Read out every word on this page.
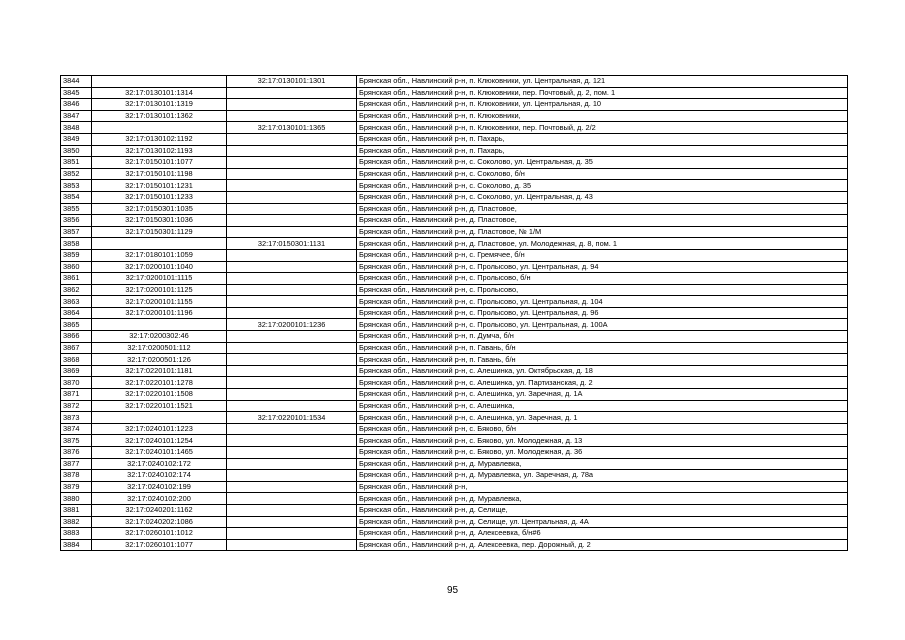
3844		32:17:0130101:1301	Брянская обл., Навлинский р-н, п. Клюковники, ул. Центральная, д. 121
3845	32:17:0130101:1314		Брянская обл., Навлинский р-н, п. Клюковники, пер. Почтовый, д. 2, пом. 1
3846	32:17:0130101:1319		Брянская обл., Навлинский р-н, п. Клюковники, ул. Центральная, д. 10
3847	32:17:0130101:1362		Брянская обл., Навлинский р-н, п. Клюковники,
3848		32:17:0130101:1365	Брянская обл., Навлинский р-н, п. Клюковники, пер. Почтовый, д. 2/2
3849	32:17:0130102:1192		Брянская обл., Навлинский р-н, п. Пахарь,
3850	32:17:0130102:1193		Брянская обл., Навлинский р-н, п. Пахарь,
3851	32:17:0150101:1077		Брянская обл., Навлинский р-н, с. Соколово, ул. Центральная, д. 35
3852	32:17:0150101:1198		Брянская обл., Навлинский р-н, с. Соколово, б/н
3853	32:17:0150101:1231		Брянская обл., Навлинский р-н, с. Соколово, д. 35
3854	32:17:0150101:1233		Брянская обл., Навлинский р-н, с. Соколово, ул. Центральная, д. 43
3855	32:17:0150301:1035		Брянская обл., Навлинский р-н, д. Пластовое,
3856	32:17:0150301:1036		Брянская обл., Навлинский р-н, д. Пластовое,
3857	32:17:0150301:1129		Брянская обл., Навлинский р-н, д. Пластовое, № 1/М
3858		32:17:0150301:1131	Брянская обл., Навлинский р-н, д. Пластовое, ул. Молодежная, д. 8, пом. 1
3859	32:17:0180101:1059		Брянская обл., Навлинский р-н, с. Гремячее, б/н
3860	32:17:0200101:1040		Брянская обл., Навлинский р-н, с. Пролысово, ул. Центральная, д. 94
3861	32:17:0200101:1115		Брянская обл., Навлинский р-н, с. Пролысово, б/н
3862	32:17:0200101:1125		Брянская обл., Навлинский р-н, с. Пролысово,
3863	32:17:0200101:1155		Брянская обл., Навлинский р-н, с. Пролысово, ул. Центральная, д. 104
3864	32:17:0200101:1196		Брянская обл., Навлинский р-н, с. Пролысово, ул. Центральная, д. 96
3865		32:17:0200101:1236	Брянская обл., Навлинский р-н, с. Пролысово, ул. Центральная, д. 100А
3866	32:17:0200302:46		Брянская обл., Навлинский р-н, п. Думча, б/н
3867	32:17:0200501:112		Брянская обл., Навлинский р-н, п. Гавань, б/н
3868	32:17:0200501:126		Брянская обл., Навлинский р-н, п. Гавань, б/н
3869	32:17:0220101:1181		Брянская обл., Навлинский р-н, с. Алешинка, ул. Октябрьская, д. 18
3870	32:17:0220101:1278		Брянская обл., Навлинский р-н, с. Алешинка, ул. Партизанская, д. 2
3871	32:17:0220101:1508		Брянская обл., Навлинский р-н, с. Алешинка, ул. Заречная, д. 1А
3872	32:17:0220101:1521		Брянская обл., Навлинский р-н, с. Алешинка,
3873		32:17:0220101:1534	Брянская обл., Навлинский р-н, с. Алешинка, ул. Заречная, д. 1
3874	32:17:0240101:1223		Брянская обл., Навлинский р-н, с. Бяково, б/н
3875	32:17:0240101:1254		Брянская обл., Навлинский р-н, с. Бяково, ул. Молодежная, д. 13
3876	32:17:0240101:1465		Брянская обл., Навлинский р-н, с. Бяково, ул. Молодежная, д. 36
3877	32:17:0240102:172		Брянская обл., Навлинский р-н, д. Муравлевка,
3878	32:17:0240102:174		Брянская обл., Навлинский р-н, д. Муравлевка, ул. Заречная, д. 78а
3879	32:17:0240102:199		Брянская обл., Навлинский р-н,
3880	32:17:0240102:200		Брянская обл., Навлинский р-н, д. Муравлевка,
3881	32:17:0240201:1162		Брянская обл., Навлинский р-н, д. Селище,
3882	32:17:0240202:1086		Брянская обл., Навлинский р-н, д. Селище, ул. Центральная, д. 4А
3883	32:17:0260101:1012		Брянская обл., Навлинский р-н, д. Алексеевка, б/н#6
3884	32:17:0260101:1077		Брянская обл., Навлинский р-н, д. Алексеевка, пер. Дорожный, д. 2
95
